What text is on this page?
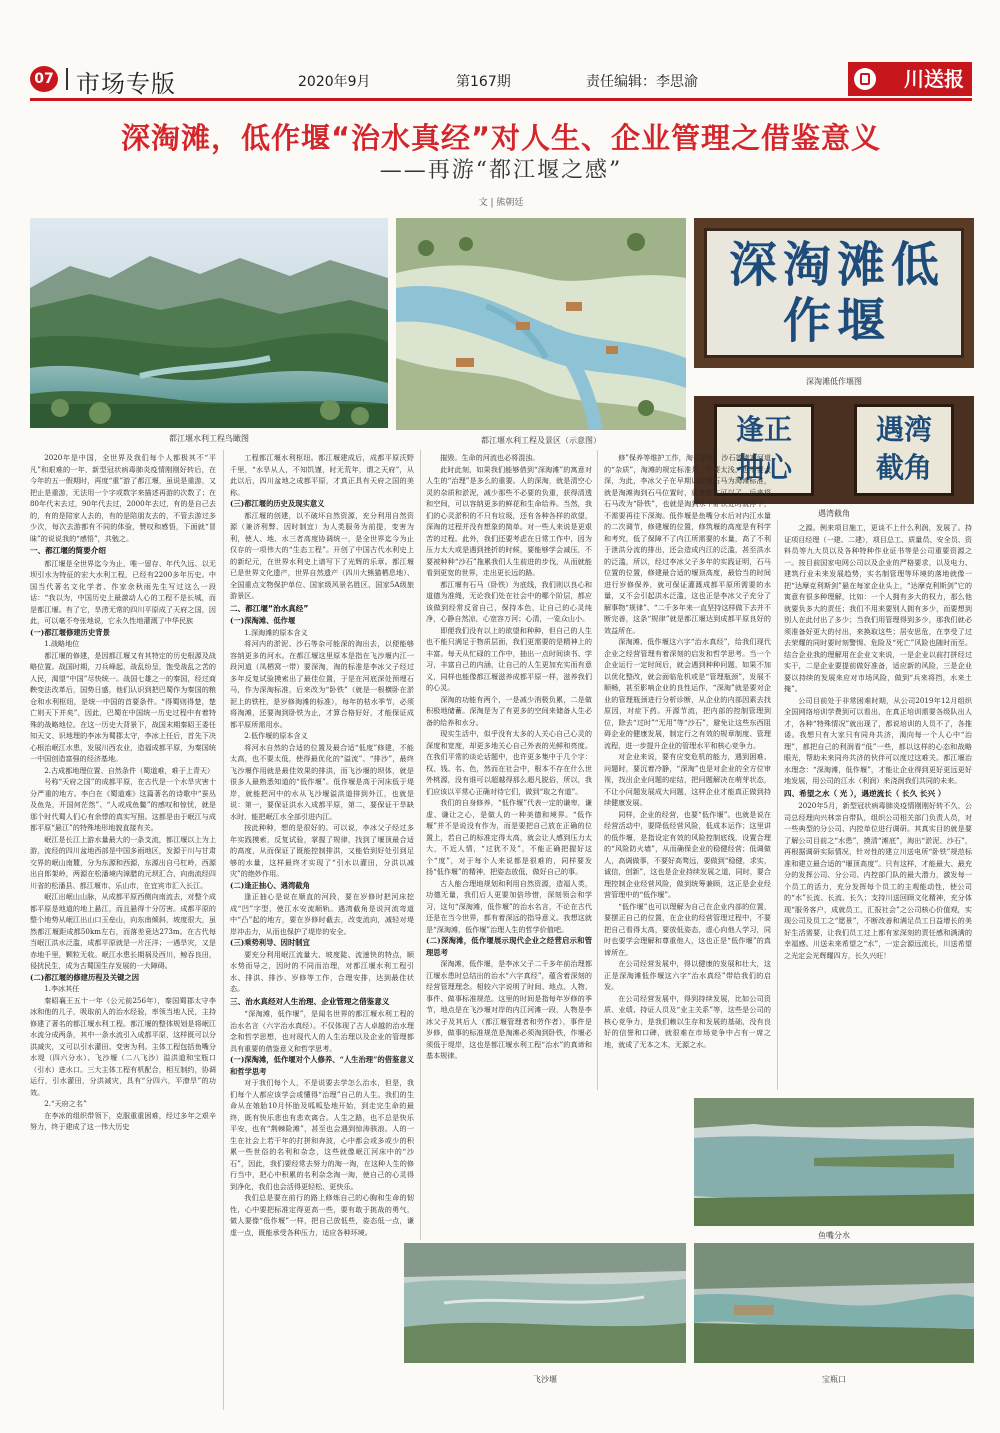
07 市场专版	2020年9月	第167期	责任编辑：李思渝	川送报
深淘滩，低作堰“治水真经”对人生、企业管理之借鉴意义
——再游“都江堰之感”
文 | 熊朝廷
都江堰水利工程鸟瞰图	都江堰水利工程及景区（示意图）
深淘滩低作堰
深淘滩低作堰图
逢正抽心
遇湾截角
遇湾截角
鱼嘴分水
飞沙堰	宝瓶口

2020年是中国，全世界及我们每个人都极其不“平凡”和艰难的一年，新型冠状病毒肺炎疫情刚刚好转后，在今年的五一假期时，再度“重”游了都江堰，虽说是重游，又把止是重游，无法用一个字或数字来描述再游的次数了；在80年代末去过，90年代去过，2000年去过，有的是自己去的，有的是陪家人去的，有的是陪朋友去的，不管去游过多少次，每次去游都有不同的体验，赞叹和感悟，下面就“冒昧”的说说我的“感悟”，共勉之。

一、都江堰的简要介绍

都江堰是全世界迄今为止，唯一留存、年代久远、以无坝引水为特征的宏大水利工程，已经有2200多年历史。中国当代著名文化学者、作家余秋雨先生写过这么一段话：“我以为，中国历史上最激动人心的工程不是长城，而是都江堰。有了它，旱涝无常的四川平原成了天府之国，因此，可以毫不夸张地说，它永久性地灌溉了中华民族

(一)都江堰修建历史背景

1.战略地位

都江堰的修建，是因都江堰又有其特定的历史根源及战略位置。战国时期，刀兵峰起，战乱纷呈，饱受战乱之苦的人民，渴望“中国”尽快统一。战国七雄之一的秦国，经过商鞅变法改革后，国势日盛，他们认识到把巴蜀作为秦国的粮仓和水利枢纽，是统一中国的首要条件。“得蜀则得楚，楚亡则天下并矣”，因此，巴蜀在中国统一历史过程中有着特殊的战略地位。在这一历史大背景下，战国末期秦昭王委任知天文、识地理的李冰为蜀郡太守，李冰上任后，首先下决心根治岷江水患，发展川西农业，造福成都平原，为秦国统一中国创造富强的经济基地。

2.古成都地理位置、自然条件（蜀道难，难于上青天）

号称“天府之国”的成都平原，在古代是一个水旱灾害十分严重的地方。李白在《蜀道难》这篇著名的诗歌中“蚕丛及鱼凫，开国何茫然”、“人或成鱼鳖”的感叹和惊忧，就是那个时代蜀人们心有余悸的真实写照。这都是由于岷江与成都平原“悬江”的特殊地形地貌直接有关。

岷江是长江上游水量最大的一条支流，都江堰以上为上游，流经的四川盆地西部是中国多雨地区，发源于川与甘肃交界的岷山南麓，分为东源和西源，东源出自弓杠岭，西源出自郎架岭，两源在松潘境内漳腊的元坝汇合，向南流经四川省的松潘县、都江堰市、乐山市，在宜宾市汇入长江。

岷江出岷山山脉，从成都平原西侧向南流去，对整个成都平原是地道的地上悬江，而且悬得十分厉害。成都平原的整个地势从岷江出山口玉垒山，向东南倾斜，坡度很大，虽然都江堰距成都50km左右，而落差竟达273m。在古代每当岷江洪水泛滥，成都平原就是一片汪洋；一遇旱灾，又是赤地千里，颗粒无收。岷江水患长期祸及西川，鲸吞良田，侵扰民生，成为古蜀国生存发展的一大障碍。

(二)都江堰的修建历程及关键之因

1.李冰其任

秦昭襄王五十一年（公元前256年），秦国蜀郡太守李冰和他的儿子，吸取前人的治水经验，率领当地人民，主持修建了著名的都江堰水利工程。都江堰的整体规划是将岷江水流分成两条，其中一条水流引入成都平原，这样既可以分洪减灾，又可以引水灌田、变害为利。主体工程包括鱼嘴分水堤（四六分水）、飞沙堰（二八飞沙）溢洪道和宝瓶口（引水）进水口。三大主体工程有机配合，相互制约，协调运行，引水灌田，分洪减灾，具有“分四六，平潦旱”的功效。

2.“天府之名”

在李冰的组织带领下，克服重重困难，经过多年之艰辛努力，终于建成了这一伟大历史

工程都江堰水利枢纽。都江堰建成后，成都平原沃野千里，“水旱从人，不知饥馑，时无荒年，谓之天府”，从此以后，四川盆地之成都平原，才真正具有天府之国的美称。

(三)都江堰的历史及现实意义

都江堰的创建，以不破坏自然资源，充分利用自然资源（兼济利弊、因时制宜）为人类服务为前提，变害为利，使人、地、水三者高度协调统一，是全世界迄今为止仅存的一项伟大的“生态工程”。开创了中国古代水利史上的新纪元，在世界水利史上谱写下了光辉的乐章。都江堰已是世界文化遗产，世界自然遗产（四川大熊猫栖息地）、全国重点文物保护单位、国家级风景名胜区、国家5A级旅游景区。

二、都江堰“治水真经”

(一)深淘滩、低作堰

1.深淘滩的原本含义

将河内的淤泥、沙石等杂可能深的淘出去，以便能够容纳更多的河水。在都江堰这里原本是指在飞沙堰内江一段河道（凤栖窝一带）要深淘，淘的标准是李冰父子经过多年反复试验摸索出了最佳位置，于是在河底深处预埋石马，作为深淘标准，后来改为“卧铁”（就是一根横卧在淤泥上的铁柱，是岁修淘滩的标准），每年的枯水季节，必须将淘滩，还要淘到卧铁为止，才算合格好好，才能保证成都平原所需用水。

2.低作堰的原本含义

将河水自然的合适的位置及最合适“低度”修建，不能太高，也不要太低，使得最优化的“溢流”、“排沙”，最终飞沙堰作用就是最佳效果的排洪，而飞沙堰的坝体，就是很多人最熟悉知道的“低作堰”。低作堰是高于河床低于堤岸，就能把河中的水从飞沙堰溢洪道排到外江，也就是说：第一，要保证洪水入成都平原，第二，要保证干旱缺水时，能把岷江水全部引进内江。

按此种种，想的是很好的。可以说，李冰父子经过多年实践摸索，反复试验，掌握了规律，找到了堰顶最合适的高度，从而保证了既能控制排洪，又能恰到好处引到足够的水量，这样最终才实现了“引水以灌田，分洪以减灾”的绝妙作用。

(二)逢正抽心、遇湾截角

逢正抽心是说在顺直的河段，要在岁修时把河床挖成“凹”字型，使江水安流顺轨。遇湾截角是说河流弯道中“凸”起的地方，要在岁修时截去，改变流向，减轻对堤岸冲击力，从而也保护了堤岸的安全。

(三)乘势利导、因时制宜

要充分利用岷江流量大、坡度陡、流速快的特点，顺水势而导之，因时的不同而治理，对都江堰水利工程引水、排洪、排沙、岁修等工作，合理安排，达到最佳状态。

三、治水真经对人生治理、企业管理之借鉴意义

“深淘滩，低作堰”，是闻名世界的都江堰水利工程的治水名言（六字治水真经）。不仅体现了古人卓越的治水理念和哲学思想，也对现代人的人生治理以及企业的管理都具有重要的借鉴意义和哲学思考。

(一)深淘滩，低作堰对个人修养、“人生治理”的借鉴意义和哲学思考

对于我们每个人，不是说要去学怎么治水，但是，我们每个人都应该学会或懂得“治理”自己的人生。我们的生命从在娘胎10月怀胎及呱呱坠地开始，到走完生命的最终，既有快乐悲也有悲欢离合。人生之路，也不总是快乐平安，也有“荆棘险滩”，甚至也会遇到惊涛骇浪。人的一生在社会上若干年的打拼和奔波，心中都会或多或少的积累一些世俗的名利和杂念，这些就像岷江河床中的“沙石”，因此，我们要经常去努力的淘一淘，在这种人生的修行当中，把心中积累的名利杂念淘一淘，使自己的心灵得到净化，我们也会活得更轻松、更快乐。

我们总是要在前行的路上修炼自己的心胸和生命的韧性，心中要把标准定得更高一些，要有敢于挑战的勇气，做人要像“低作堰”一样，把自己放低些，姿态低一点，谦虚一点，既能承受各种压力，适应各种环境。

摧毁。生命的河流也必将混浊。

此时此刻，如果我们能够借到“深淘滩”的寓意对人生的“治理”是多么的重要。人的深淘，就是清空心灵的杂质和淤泥，减少那些不必要的负重，获得清透和空间，可以容纳更多的鲜花和生命给养。当然，我们的心灵淤积的不只有垃圾，还有各种各样的欲望，深淘的过程并没有想象的简单。对一些人来说是更艰苦的过程。此外，我们还要考虑在日常工作中，因为压力太大或是遇到挫折的时候，要能够学会减压，不要被种种“沙石”拖累我们人生前进的步伐，从而就能看到更宽的世界，走出更长远的路。

都江堰有石马（卧铁）为底线，我们则以良心和道德为准绳，无论我们处在社会中的哪个阶层，都应该做到经常反省自己，保持本色，让自己的心灵纯净，心静自然凉，心宽容万河；心清，一览众山小。

即便我们没有以上的欲望和种种，但自己的人生也不能只满足于物质层面，我们更需要的是精神上的丰富。每天从忙碌的工作中，抽出一点时间读书、学习，丰富自己的内涵，让自己的人生更加充实而有意义，同样也能像都江堰滋养成都平原一样，滋养我们的心灵。

深淘的功能有两个，一是减少消极负累，二是做积极地储蓄。深淘是为了有更多的空间来储备人生必备的给养和水分。

现实生活中，似乎没有太多的人关心自己心灵的深度和宽度，却更多地关心自己外表的光鲜和亮度。在我们平常的谈论话题中，也许更多集中于几个字：权、钱、名、色，然而在社会中，根本不存在什么世外桃源，没有谁可以超越得那么超凡脱俗，所以，我们应该以平常心正确对待它们，做到“取之有道”。

我们的自身修养，“低作堰”代表一定的谦卑，谦虚、谦让之心，是做人的一种美德和境界。“低作堰”并不是说没有作为，而是要把自己放在正确的位置上，若自己的标准定得太高，就会让人感到压力太大，不近人情，“过犹不及”，不能正确把握好这个“度”，对于每个人来说都是很难的，同样要发扬“低作堰”的精神，把姿态放低，做好自己的事。

古人能合理地规划和利用自然资源，造福人类，功德无量，我们后人更要加倍珍惜，深刻领会和学习，这句“深淘滩，低作堰”的治水名言，不论在古代还是在当今世界，都有着深远的指导意义。我想这就是“深淘滩，低作堰”治理人生的哲学价值吧。

(二)深淘滩，低作堰展示现代企业之经营启示和管理思考

深淘滩，低作堰，是李冰父子二千多年前治理都江堰水患时总结出的治水“六字真经”，蕴含着深刻的经营管理理念。相较六字说明了时间、地点、人物、事件、做事标准规范。这里的时间是指每年岁修的季节，地点是在飞沙堰对岸的内江河滩一段，人物是李冰父子及其后人（都江堰管理者和劳作者），事件是岁修，做事的标准规范是淘滩必须淘到卧铁，作堰必须低于堤岸，这也是都江堰水利工程“治水”的真谛和基本规律。

修”保养等维护工作，淘去淤泥，沙石等堵塞河道的“杂质”，淘滩的规定标准是，不要太浅，也不要太深，为此，李冰父子在早期以设置石马为淘滩标准，就是淘滩淘到石马位置时，就算基本可以了，后来将石马改为“卧铁”，也就是淘到水下卧铁处时就停下，不需要再往下深淘。低作堰是鱼嘴分水后对内江水量的二次调节，修建堰的位置，修筑堰的高度是有科学和考究，低了保障不了内江所需要的水量，高了不利于泄洪分流的排出，还会造成内江的泛滥，甚至洪水的泛滥，所以，经过李冰父子多年的实践证明，石马位置的位置，修建最合适的堰顶高度，最恰当的时间进行岁修保养，就可保证灌溉成都平原所需要的水量，又不会引起洪水泛滥，这也正是李冰父子充分了解事物“规律”、“二千多年来一直坚持这样做下去并不断完善，这条“规律”就是都江堰达到成都平原良好的效益所在。

深淘滩、低作堰这六字“治水真经”，给我们现代企业之经营管理有着深刻的启发和哲学思考。当一个企业运行一定时间后，就会遇到种种问题，如果不加以优化整改，就会面临危机或是“管理瓶颈”，发展不顺畅，甚至影响企业的良性运作，“深淘”就是要对企业的管理瓶颈进行分析诊断，从企业的内部因素去找原因，对症下药。开源节流，把内部的控制管理到位，除去“过时”“无用”等“沙石”，避免让这些东西阻碍企业的健康发展，制定行之有效的规章制度、管理流程，进一步提升企业的管理水平和核心竞争力。

对企业来说，要有应变危机的能力，遇到困难、问题时，要沉着冷静，“深淘”也是对企业的全方位审视，找出企业问题的症结，把问题解决在萌芽状态，不让小问题发展成大问题，这样企业才能真正做到持续健康发展。

同样，企业的经营，也要“低作堰”。也就是说在经营活动中，要降低经营风险，低成本运作；这里讲的低作堰，是指设定有效的风险控制底线，设置合理的“风险防火墙”，从而确保企业的稳健经营；低调做人，高调做事，不要好高骛远，要做到“稳健，求实，诚信，创新”，这也是企业持续发展之道，同时，要合理控制企业经营风险，做到统筹兼顾，这正是企业经营管理中的“低作堰”。

“低作堰”也可以理解为自己在企业内部的位置，要摆正自己的位置，在企业的经营管理过程中，不要把自己看得太高，要放低姿态，虚心向他人学习，同时也要学会理解和尊重他人，这也正是“低作堰”的真谛所在。

在公司经营发展中，得以健康的发展和壮大，这正是深淘滩低作堰这六字“治水真经”带给我们的启发。

在公司经营发展中，得到持续发展，比如公司资质、业绩、持证人员及“业主关系”等，这些是公司的核心竞争力，是我们赖以生存和发展的基础，没有良好的信誉和口碑，就很难在市场竞争中占有一席之地，就成了无本之木，无源之水。

之源。例来项目施工，更谈不上什么利润，发展了。持证项目经理（一建、二建），项目总工、质量员、安全员、资料员等九大员以及各种特种作业证书等是公司重要资源之一。按目前国家电网公司以及企业的严格要求，以及电力、建筑行业未来发展趋势，实名制管理等环境的落地就像一把“达摩克利斯剑”悬在每家企业头上，“达摩克利斯剑”它的寓意有很多种理解，比如：一个人拥有多大的权力，那么他就要负多大的责任；我们不用来要别人拥有多少，而要想到别人在此付出了多少；当我们用管理得到多少，那我们就必须准备好更大的付出，来换取这些；居安思危，在享受了过去荣耀的同时要时刻警惕、危险及“死亡”风险也随时而至。结合企业我的理解用在企业文来说，一是企业以前打拼经过实干，二是企业要提前做好准备，适应新的风险，三是企业要以持续的发展来应对市场风险，做到“兵来将挡，水来土掩”。

公司目前处于非常困难时期，从公司2019年12月组织全国网络培训学费到可以看出，在真正培训需要各级队出人才，各种“特殊情况”就出现了，都说培训的人员不了，各推诿。我想只有大家只有同舟共济，渴向每一个人心中“治理”，都把自己的利润看“低”一些，都以这样的心态和战略眼光，帮助未来同舟共济的伙伴可以度过这难关。都江堰治水理念：“深淘滩，低作堰”，才能让企业得到更好更远更好地发展，用公司的江水（利润）来浇润我们共同的未来。

四、希望之水（ 光 ），遇逆流长（ 长久 长兴 ）

2020年5月，新型冠状病毒肺炎疫情刚刚好转不久，公司总经理向兴林亲自带队，组织公司相关部门负责人员，对一些典型的分公司、内控单位进行调研。其真实目的就是要了解公司目前之“水患”，摸清“滩底”，淘出“淤泥、沙石”，再根据调研实际情况，针对性的建立川送电所“卧铁”规范标准和建立最合适的“堰顶高度”。只有这样，才能最大、最充分的发挥公司、分公司、内控部门队的最大潜力，激发每一个员工的活力，充分发挥每个员工的主观能动性，使公司的“水”长流、长流、长久；支持川送回顾文化精神，充分体现“服务客户，成就员工，汇报社会”之公司核心价值观，实现公司及员工之“愿景”，不断改善和满足员工日益增长的美好生活需要，让我们员工过上都有家深刻的责任感和满满的幸福感。川送未来希望之“水”，一定会源远流长，川送希望之光定会光辉耀四方，长久兴旺！
